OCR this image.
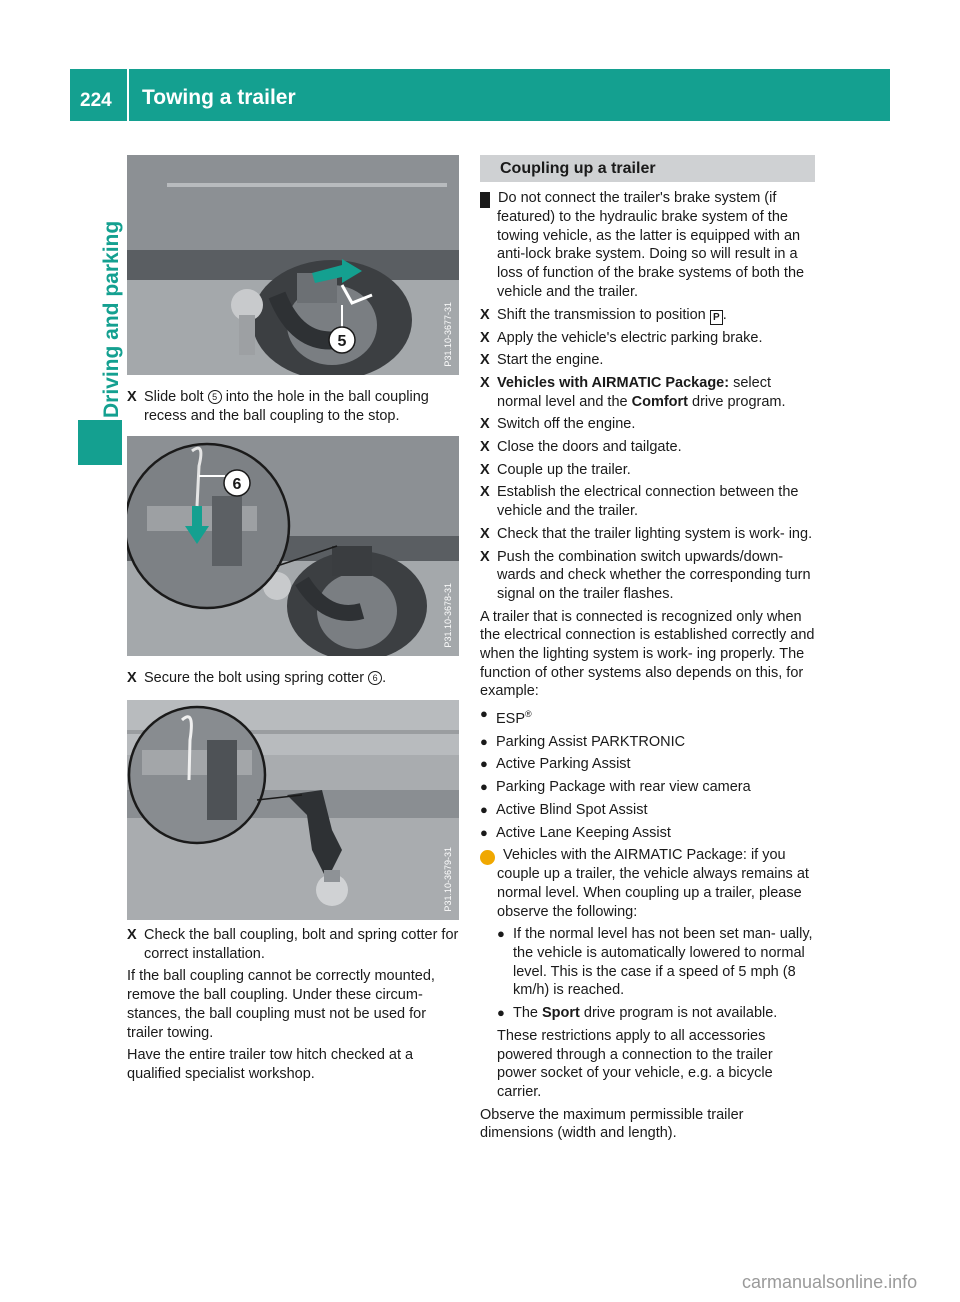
224 Towing a trailer
Driving and parking	5	P31.10-3677-31
6
P31.10-3678-31
P31.10-3679-31
X Slide bolt 5 into the hole in the ball coupling recess and the ball coupling to the stop.
X Secure the bolt using spring cotter 6 .
X Check the ball coupling, bolt and spring cotter for correct installation.

If the ball coupling cannot be correctly mounted, remove the ball coupling. Under these circum- stances, the ball coupling must not be used for trailer towing.

Have the entire trailer tow hitch checked at a qualified specialist workshop.

Coupling up a trailer

! Do not connect the trailer's brake system (if featured) to the hydraulic brake system of the towing vehicle, as the latter is equipped with an anti-lock brake system. Doing so will result in a loss of function of the brake systems of both the vehicle and the trailer.

X Shift the transmission to position P .
X Apply the vehicle's electric parking brake.
X Start the engine.
X Vehicles with AIRMATIC Package: select normal level and the Comfort drive program.
X Switch off the engine.
X Close the doors and tailgate.
X Couple up the trailer.
X Establish the electrical connection between the vehicle and the trailer.
X Check that the trailer lighting system is work- ing.
X Push the combination switch upwards/down- wards and check whether the corresponding turn signal on the trailer flashes.

A trailer that is connected is recognized only when the electrical connection is established correctly and when the lighting system is work- ing properly. The function of other systems also depends on this, for example:

● ESP®
● Parking Assist PARKTRONIC
● Active Parking Assist
● Parking Package with rear view camera
● Active Blind Spot Assist
● Active Lane Keeping Assist

i Vehicles with the AIRMATIC Package: if you couple up a trailer, the vehicle always remains at normal level. When coupling up a trailer, please observe the following:

● If the normal level has not been set man- ually, the vehicle is automatically lowered to normal level. This is the case if a speed of 5 mph (8 km/h) is reached.
● The Sport drive program is not available.

These restrictions apply to all accessories powered through a connection to the trailer power socket of your vehicle, e.g. a bicycle carrier.

Observe the maximum permissible trailer dimensions (width and length).

carmanualsonline.info
